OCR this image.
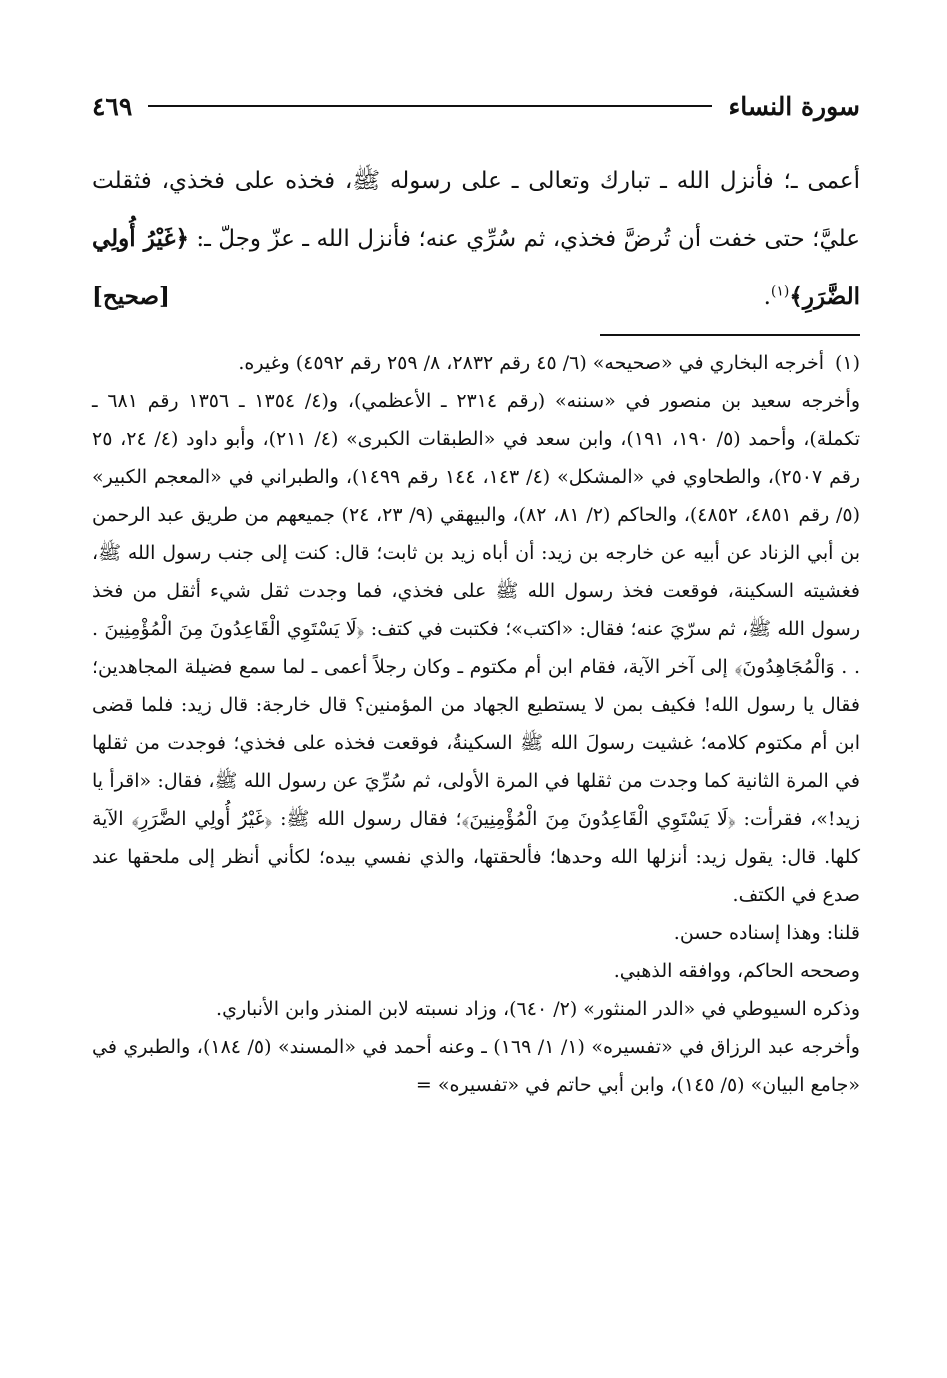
سورة النساء
٤٦٩

أعمى ـ؛ فأنزل الله ـ تبارك وتعالى ـ على رسوله ﷺ، فخذه على فخذي، فثقلت عليَّ؛ حتى خفت أن تُرضَّ فخذي، ثم سُرِّي عنه؛ فأنزل الله ـ عزّ وجلّ ـ: ﴿غَيْرُ أُولِي الضَّرَرِ﴾$^{(١)}$.
[صحيح]

(١)أخرجه البخاري في «صحيحه» (٦/ ٤٥ رقم ٢٨٣٢، ٨/ ٢٥٩ رقم ٤٥٩٢) وغيره.

وأخرجه سعيد بن منصور في «سننه» (رقم ٢٣١٤ ـ الأعظمي)، و(٤/ ١٣٥٤ ـ ١٣٥٦ رقم ٦٨١ ـ تكملة)، وأحمد (٥/ ١٩٠، ١٩١)، وابن سعد في «الطبقات الكبرى» (٤/ ٢١١)، وأبو داود (٤/ ٢٤، ٢٥ رقم ٢٥٠٧)، والطحاوي في «المشكل» (٤/ ١٤٣، ١٤٤ رقم ١٤٩٩)، والطبراني في «المعجم الكبير» (٥/ رقم ٤٨٥١، ٤٨٥٢)، والحاكم (٢/ ٨١، ٨٢)، والبيهقي (٩/ ٢٣، ٢٤) جميعهم من طريق عبد الرحمن بن أبي الزناد عن أبيه عن خارجه بن زيد: أن أباه زيد بن ثابت؛ قال: كنت إلى جنب رسول الله ﷺ، فغشيته السكينة، فوقعت فخذ رسول الله ﷺ على فخذي، فما وجدت ثقل شيء أثقل من فخذ رسول الله ﷺ، ثم سرّيَ عنه؛ فقال: «اكتب»؛ فكتبت في كتف: ﴿لَا يَسْتَوِي الْقَاعِدُونَ مِنَ الْمُؤْمِنِينَ . . . وَالْمُجَاهِدُونَ﴾ إلى آخر الآية، فقام ابن أم مكتوم ـ وكان رجلاً أعمى ـ لما سمع فضيلة المجاهدين؛ فقال يا رسول الله! فكيف بمن لا يستطيع الجهاد من المؤمنين؟ قال خارجة: قال زيد: فلما قضى ابن أم مكتوم كلامه؛ غشيت رسولَ الله ﷺ السكينةُ، فوقعت فخذه على فخذي؛ فوجدت من ثقلها في المرة الثانية كما وجدت من ثقلها في المرة الأولى، ثم سُرِّيَ عن رسول الله ﷺ، فقال: «اقرأ يا زيد!»، فقرأت: ﴿لَا يَسْتَوِي الْقَاعِدُونَ مِنَ الْمُؤْمِنِينَ﴾؛ فقال رسول الله ﷺ: ﴿غَيْرُ أُولِي الضَّرَرِ﴾ الآية كلها. قال: يقول زيد: أنزلها الله وحدها؛ فألحقتها، والذي نفسي بيده؛ لكأني أنظر إلى ملحقها عند صدع في الكتف.

قلنا: وهذا إسناده حسن.

وصححه الحاكم، ووافقه الذهبي.

وذكره السيوطي في «الدر المنثور» (٢/ ٦٤٠)، وزاد نسبته لابن المنذر وابن الأنباري.

وأخرجه عبد الرزاق في «تفسيره» (١/ ١/ ١٦٩) ـ وعنه أحمد في «المسند» (٥/ ١٨٤)، والطبري في «جامع البيان» (٥/ ١٤٥)، وابن أبي حاتم في «تفسيره» =
